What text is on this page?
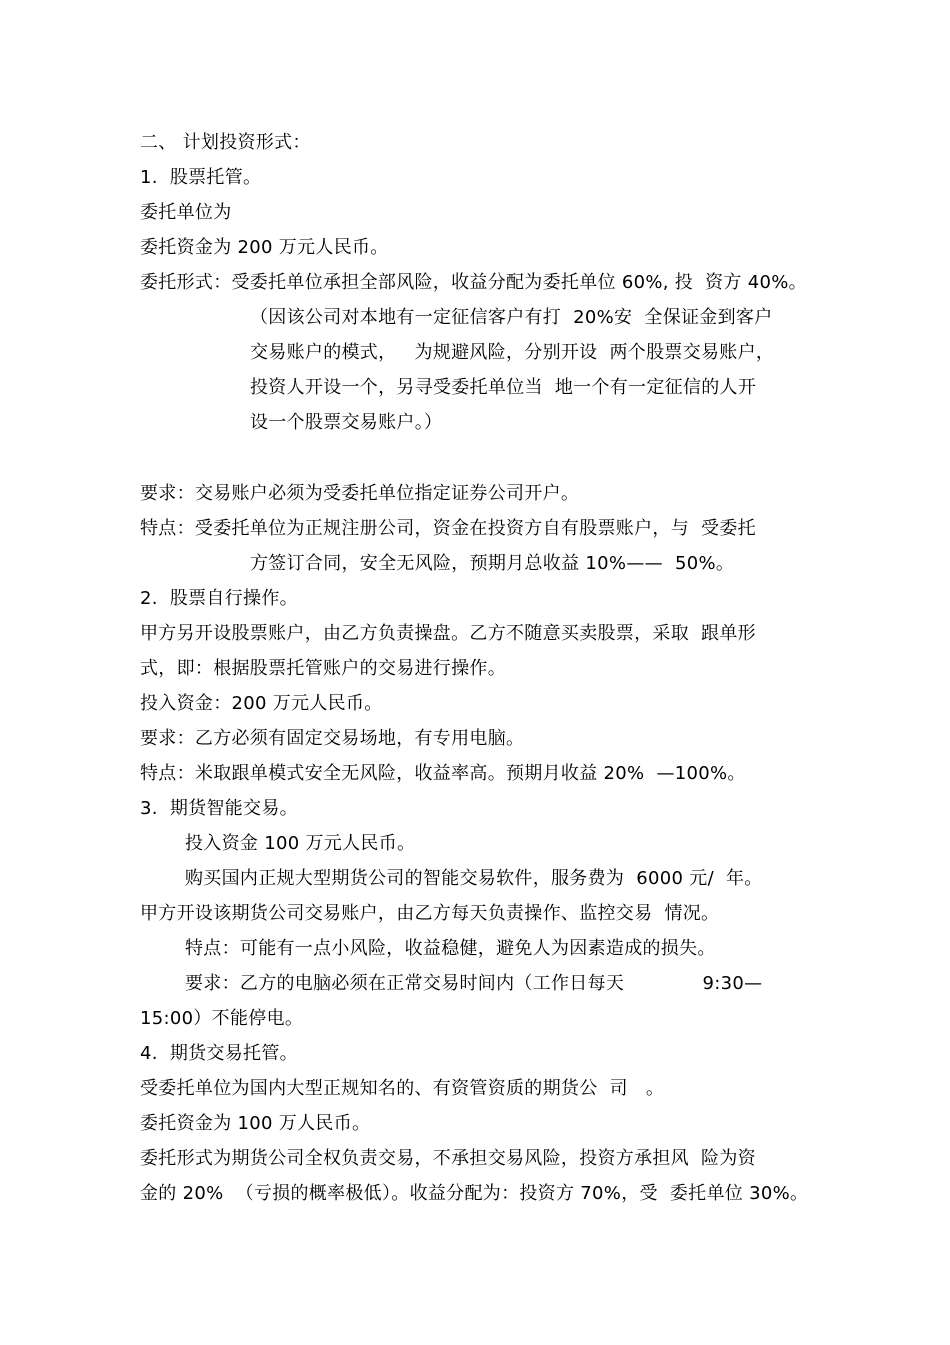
二、 计划投资形式：
1.  股票托管。
委托单位为
委托资金为 200 万元人民币。
委托形式：受委托单位承担全部风险，收益分配为委托单位 60%, 投  资方 40%。
（因该公司对本地有一定征信客户有打  20%安  全保证金到客户
交易账户的模式，   为规避风险，分别开设  两个股票交易账户，
投资人开设一个，另寻受委托单位当  地一个有一定征信的人开
设一个股票交易账户。）
要求：交易账户必须为受委托单位指定证券公司开户。
特点：受委托单位为正规注册公司，资金在投资方自有股票账户，与  受委托
方签订合同，安全无风险，预期月总收益 10%——  50%。
2.  股票自行操作。
甲方另开设股票账户，由乙方负责操盘。乙方不随意买卖股票，采取  跟单形
式，即：根据股票托管账户的交易进行操作。
投入资金：200 万元人民币。
要求：乙方必须有固定交易场地，有专用电脑。
特点：米取跟单模式安全无风险，收益率高。预期月收益 20%  —100%。
3.  期货智能交易。
投入资金 100 万元人民币。
购买国内正规大型期货公司的智能交易软件，服务费为  6000 元/  年。
甲方开设该期货公司交易账户，由乙方每天负责操作、监控交易  情况。
特点：可能有一点小风险，收益稳健，避免人为因素造成的损失。
要求：乙方的电脑必须在正常交易时间内（工作日每天             9:30—
15:00）不能停电。
4.  期货交易托管。
受委托单位为国内大型正规知名的、有资管资质的期货公  司   。
委托资金为 100 万人民币。
委托形式为期货公司全权负责交易，不承担交易风险，投资方承担风  险为资
金的 20%  （亏损的概率极低）。收益分配为：投资方 70%，受  委托单位 30%。
